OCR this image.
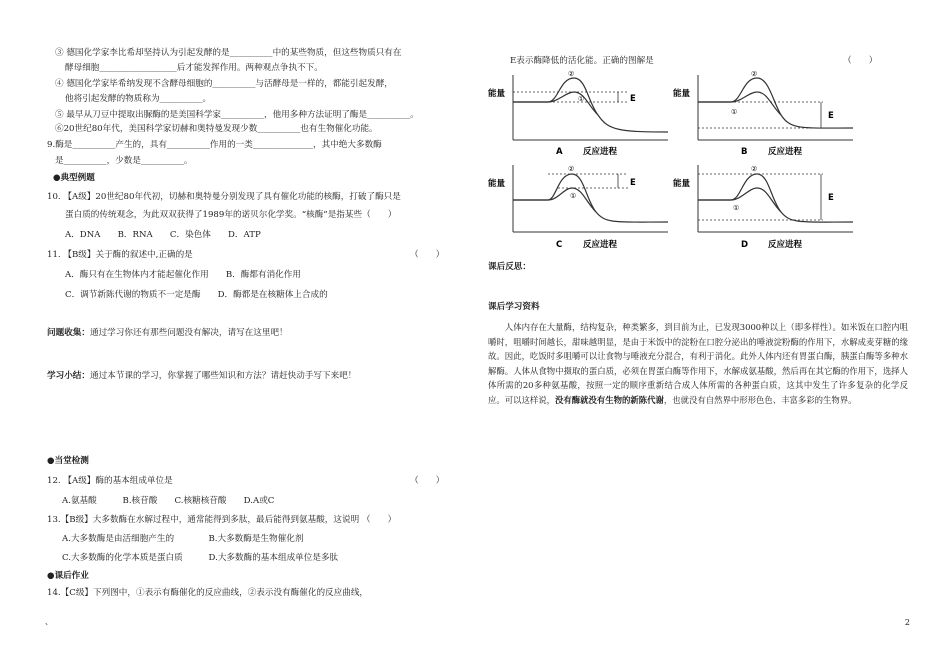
③ 德国化学家李比希却坚持认为引起发酵的是__________中的某些物质，但这些物质只有在
酵母细胞__________________后才能发挥作用。两种观点争执不下。
④ 德国化学家毕希纳发现不含酵母细胞的__________与活酵母是一样的，都能引起发酵，
他将引起发酵的物质称为__________。
⑤ 最早从刀豆中提取出脲酶的是美国科学家__________，他用多种方法证明了酶是__________。
⑥20世纪80年代，美国科学家切赫和奥特曼发现少数__________也有生物催化功能。
9.酶是__________产生的，具有__________作用的一类______________，其中绝大多数酶
是__________，少数是__________。
●典型例题
10. 【A级】20世纪80年代初，切赫和奥特曼分别发现了具有催化功能的核酶，打破了酶只是
蛋白质的传统观念，为此双双获得了1989年的诺贝尔化学奖。“核酶”是指某些（　　）
A．DNA　　B．RNA　　C．染色体　　D．ATP
11. 【B级】关于酶的叙述中,正确的是	（　　）
A．酶只有在生物体内才能起催化作用　　B．酶都有消化作用
C．调节新陈代谢的物质不一定是酶　　D．酶都是在核糖体上合成的
问题收集：通过学习你还有那些问题没有解决，请写在这里吧！
学习小结：通过本节课的学习，你掌握了哪些知识和方法？请赶快动手写下来吧！
●当堂检测
12. 【A级】酶的基本组成单位是	（　　）
A.氨基酸　　　B.核苷酸　　C.核糖核苷酸　　D.A或C
13.【B级】大多数酶在水解过程中，通常能得到多肽，最后能得到氨基酸，这说明 （　　）
A.大多数酶是由活细胞产生的　　　　B.大多数酶是生物催化剂
C.大多数酶的化学本质是蛋白质　　　D.大多数酶的基本组成单位是多肽
●课后作业
14.【C级】下列图中，①表示有酶催化的反应曲线，②表示没有酶催化的反应曲线，
E表示酶降低的活化能。正确的图解是	（　　）
能量
②
①	E
A 反应进程
能量
②
①	E
B 反应进程
能量
②
①
E
C 反应进程
能量
②
①
E
D 反应进程
课后反思：
课后学习资料
人体内存在大量酶，结构复杂，种类繁多，到目前为止，已发现3000种以上（即多样性）。如米饭在口腔内咀嚼时，咀嚼时间越长，甜味越明显，是由于米饭中的淀粉在口腔分泌出的唾液淀粉酶的作用下，水解成麦芽糖的缘故。因此，吃饭时多咀嚼可以让食物与唾液充分混合，有利于消化。此外人体内还有胃蛋白酶，胰蛋白酶等多种水解酶。人体从食物中摄取的蛋白质，必须在胃蛋白酶等作用下，水解成氨基酸，然后再在其它酶的作用下，选择人体所需的20多种氨基酸，按照一定的顺序重新结合成人体所需的各种蛋白质，这其中发生了许多复杂的化学反应。可以这样说，没有酶就没有生物的新陈代谢，也就没有自然界中形形色色、丰富多彩的生物界。
、	2
